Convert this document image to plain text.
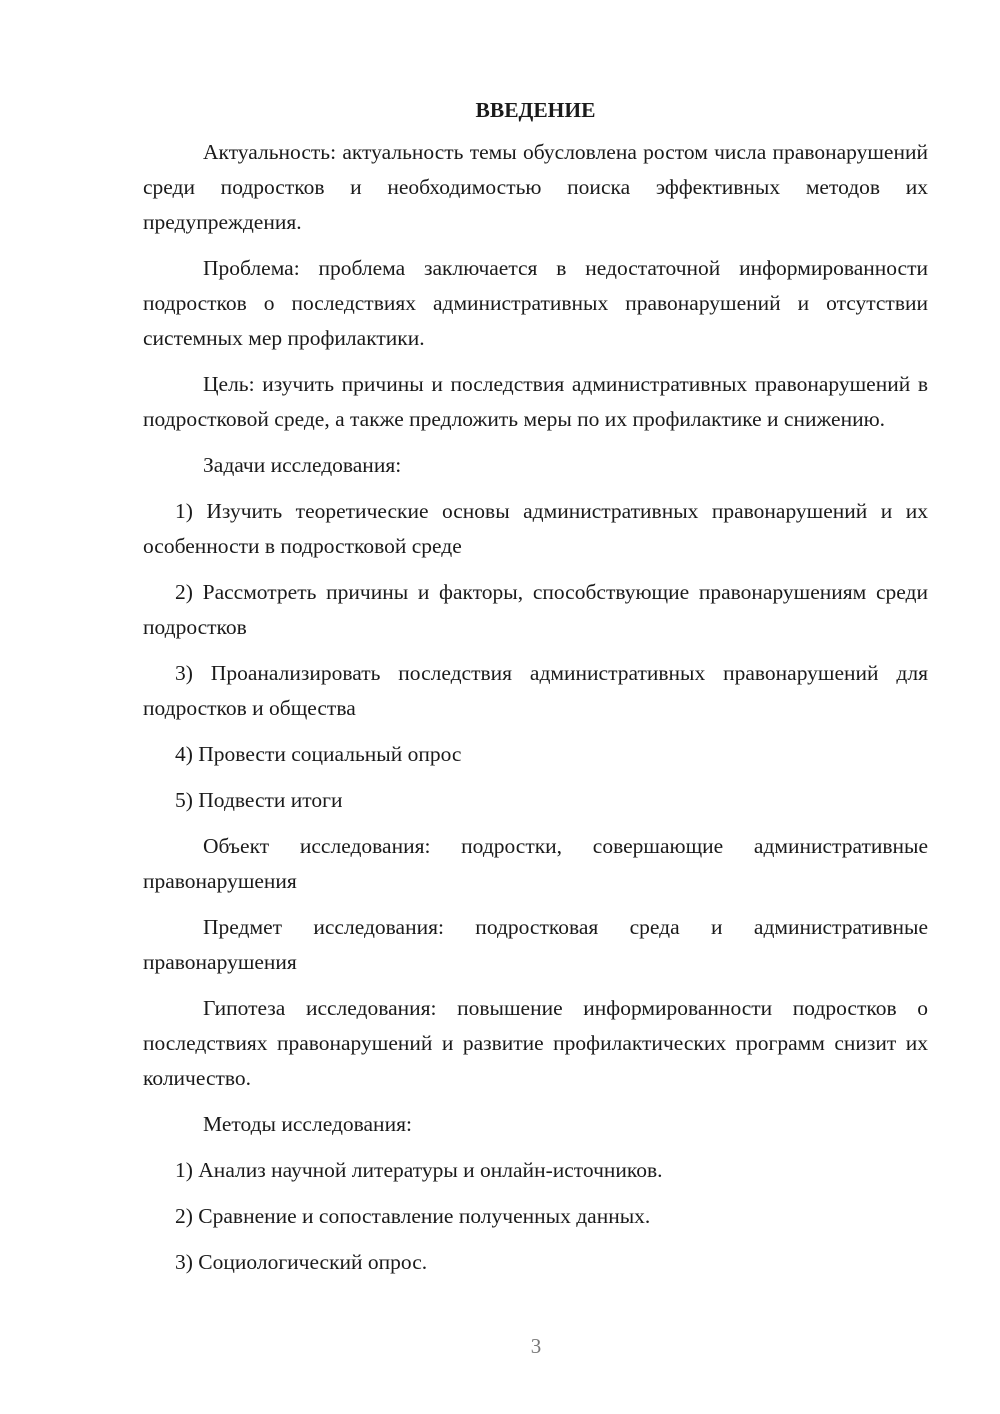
ВВЕДЕНИЕ

Актуальность: актуальность темы обусловлена ростом числа правонарушений среди подростков и необходимостью поиска эффективных методов их предупреждения.

Проблема: проблема заключается в недостаточной информированности подростков о последствиях административных правонарушений и отсутствии системных мер профилактики.

Цель: изучить причины и последствия административных правонарушений в подростковой среде, а также предложить меры по их профилактике и снижению.

Задачи исследования:

1) Изучить теоретические основы административных правонарушений и их особенности в подростковой среде

2) Рассмотреть причины и факторы, способствующие правонарушениям среди подростков

3) Проанализировать последствия административных правонарушений для подростков и общества

4) Провести социальный опрос

5) Подвести итоги

Объект исследования: подростки, совершающие административные правонарушения

Предмет исследования: подростковая среда и административные правонарушения

Гипотеза исследования: повышение информированности подростков о последствиях правонарушений и развитие профилактических программ снизит их количество.

Методы исследования:

1) Анализ научной литературы и онлайн-источников.

2) Сравнение и сопоставление полученных данных.

3) Социологический опрос.

3
